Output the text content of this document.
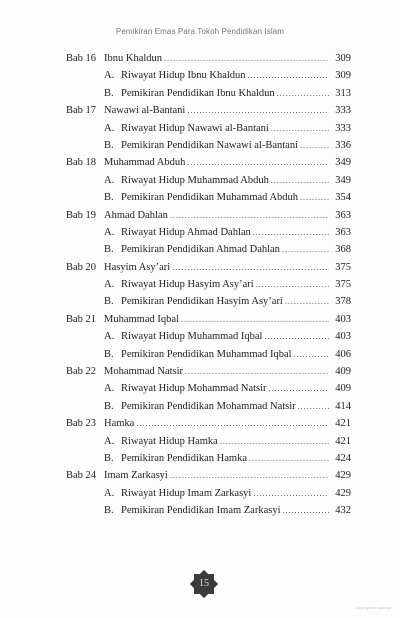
Pemikiran Emas Para Tokoh Pendidikan Islam
Bab 16 Ibnu Khaldun .....	309
A. Riwayat Hidup Ibnu Khaldun .....	309
B. Pemikiran Pendidikan Ibnu Khaldun .....	313
Bab 17 Nawawi al-Bantani .....	333
A. Riwayat Hidup Nawawi al-Bantani .....	333
B. Pemikiran Pendidikan Nawawi al-Bantani .....	336
Bab 18 Muhammad Abduh .....	349
A. Riwayat Hidup Muhammad Abduh .....	349
B. Pemikiran Pendidikan Muhammad Abduh .....	354
Bab 19 Ahmad Dahlan .....	363
A. Riwayat Hidup Ahmad Dahlan .....	363
B. Pemikiran Pendidikan Ahmad Dahlan .....	368
Bab 20 Hasyim Asy’ari .....	375
A. Riwayat Hidup Hasyim Asy’ari .....	375
B. Pemikiran Pendidikan Hasyim Asy’ari .....	378
Bab 21 Muhammad Iqbal .....	403
A. Riwayat Hidup Muhammad Iqbal .....	403
B. Pemikiran Pendidikan Muhammad Iqbal .....	406
Bab 22 Mohammad Natsir .....	409
A. Riwayat Hidup Mohammad Natsir .....	409
B. Pemikiran Pendidikan Mohammad Natsir .....	414
Bab 23 Hamka .....	421
A. Riwayat Hidup Hamka .....	421
B. Pemikiran Pendidikan Hamka .....	424
Bab 24 Imam Zarkasyi .....	429
A. Riwayat Hidup Imam Zarkasyi .....	429
B. Pemikiran Pendidikan Imam Zarkasyi .....	432
15
Copyrighted material
